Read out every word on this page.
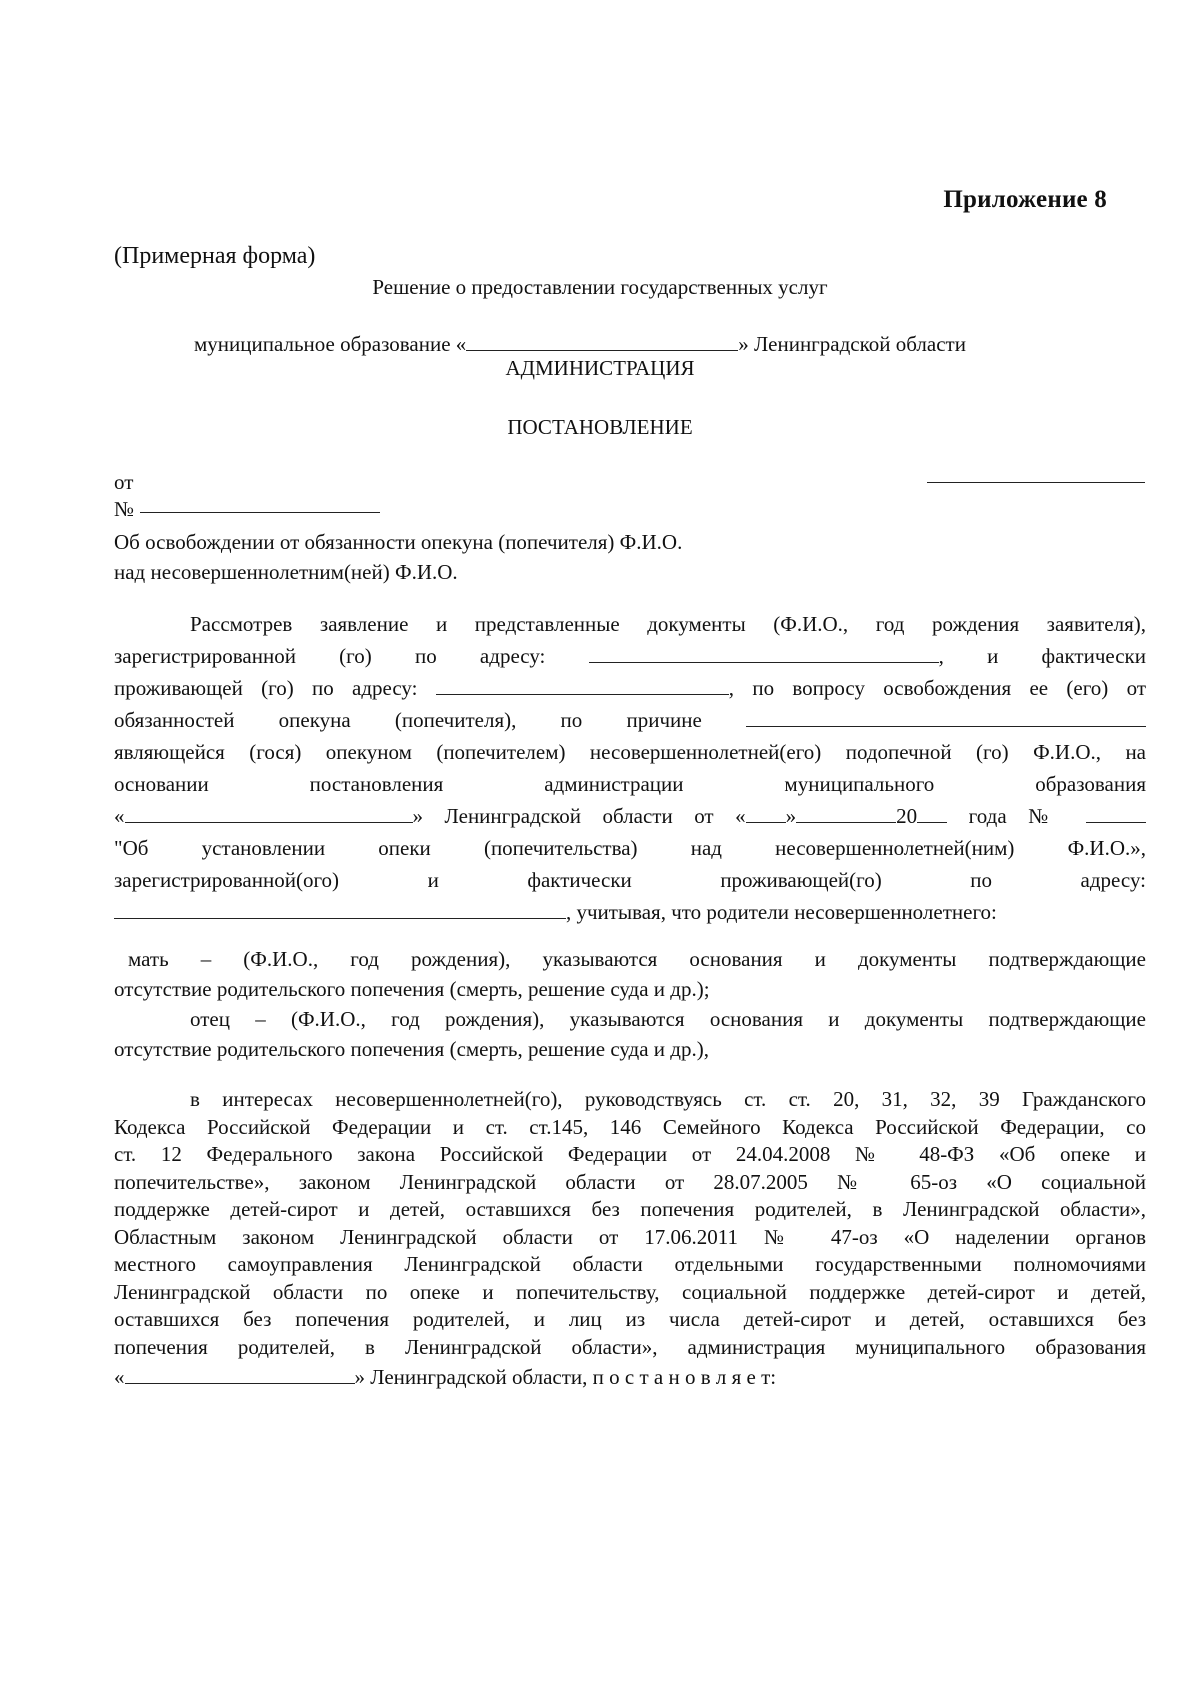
Приложение 8
(Примерная форма)
Решение о предоставлении государственных услуг
муниципальное образование «	» Ленинградской области
АДМИНИСТРАЦИЯ
ПОСТАНОВЛЕНИЕ
от
№
Об освобождении от обязанности опекуна (попечителя) Ф.И.О.
над несовершеннолетним(ней) Ф.И.О.
Рассмотрев заявление и представленные документы (Ф.И.О., год рождения заявителя),
зарегистрированной (го) по адресу:	, и фактически
проживающей (го) по адресу:	, по вопросу освобождения ее (его) от
обязанностей опекуна (попечителя), по причине
являющейся (гося) опекуном (попечителем) несовершеннолетней(его) подопечной (го) Ф.И.О., на
основании постановления администрации муниципального образования
«	» Ленинградской области от « »	20 года №
"Об установлении опеки (попечительства) над несовершеннолетней(ним) Ф.И.О.»,
зарегистрированной(ого) и фактически проживающей(го) по адресу:
, учитывая, что родители несовершеннолетнего:
мать – (Ф.И.О., год рождения), указываются основания и документы подтверждающие
отсутствие родительского попечения (смерть, решение суда и др.);
отец – (Ф.И.О., год рождения), указываются основания и документы подтверждающие
отсутствие родительского попечения (смерть, решение суда и др.),
в интересах несовершеннолетней(го), руководствуясь ст. ст. 20, 31, 32, 39 Гражданского
Кодекса Российской Федерации и ст. ст.145, 146 Семейного Кодекса Российской Федерации, со
ст. 12 Федерального закона Российской Федерации от 24.04.2008 № 48-ФЗ «Об опеке и
попечительстве», законом Ленинградской области от 28.07.2005 № 65-оз «О социальной
поддержке детей-сирот и детей, оставшихся без попечения родителей, в Ленинградской области»,
Областным законом Ленинградской области от 17.06.2011 № 47-оз «О наделении органов
местного самоуправления Ленинградской области отдельными государственными полномочиями
Ленинградской области по опеке и попечительству, социальной поддержке детей-сирот и детей,
оставшихся без попечения родителей, и лиц из числа детей-сирот и детей, оставшихся без
попечения родителей, в Ленинградской области», администрация муниципального образования
«	» Ленинградской области, п о с т а н о в л я е т:
